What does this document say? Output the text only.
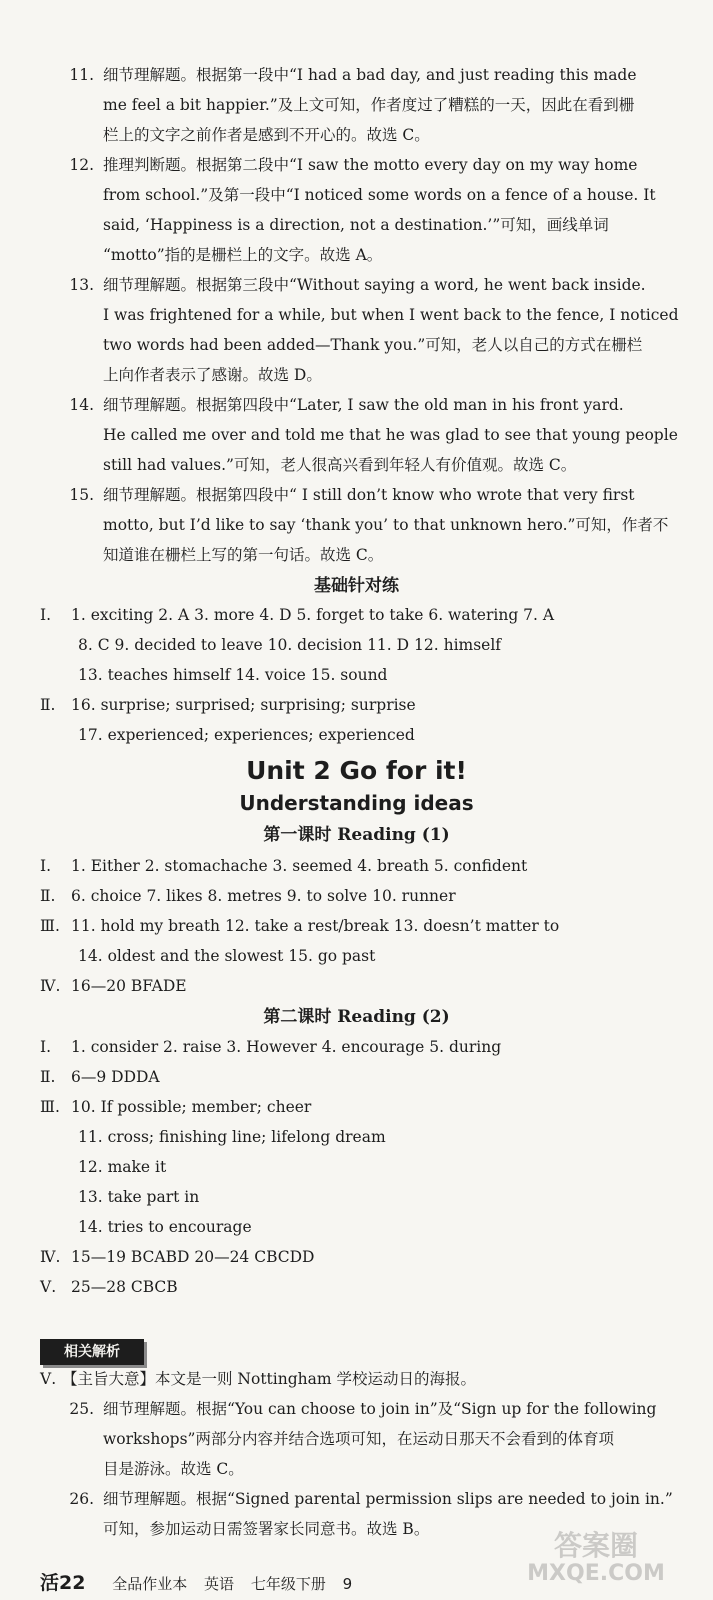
11. 细节理解题。根据第一段中“I had a bad day, and just reading this made
me feel a bit happier.”及上文可知，作者度过了糟糕的一天，因此在看到栅
栏上的文字之前作者是感到不开心的。故选 C。
12. 推理判断题。根据第二段中“I saw the motto every day on my way home
from school.”及第一段中“I noticed some words on a fence of a house. It
said, ‘Happiness is a direction, not a destination.’”可知，画线单词
“motto”指的是栅栏上的文字。故选 A。
13. 细节理解题。根据第三段中“Without saying a word, he went back inside.
I was frightened for a while, but when I went back to the fence, I noticed
two words had been added—Thank you.”可知，老人以自己的方式在栅栏
上向作者表示了感谢。故选 D。
14. 细节理解题。根据第四段中“Later, I saw the old man in his front yard.
He called me over and told me that he was glad to see that young people
still had values.”可知，老人很高兴看到年轻人有价值观。故选 C。
15. 细节理解题。根据第四段中“ I still don’t know who wrote that very first
motto, but I’d like to say ‘thank you’ to that unknown hero.”可知，作者不
知道谁在栅栏上写的第一句话。故选 C。
基础针对练
Ⅰ. 1. exciting 2. A 3. more 4. D 5. forget to take 6. watering 7. A
8. C 9. decided to leave 10. decision 11. D 12. himself
13. teaches himself 14. voice 15. sound
Ⅱ. 16. surprise; surprised; surprising; surprise
17. experienced; experiences; experienced
Unit 2 Go for it!
Understanding ideas
第一课时 Reading (1)
Ⅰ. 1. Either 2. stomachache 3. seemed 4. breath 5. confident
Ⅱ. 6. choice 7. likes 8. metres 9. to solve 10. runner
Ⅲ. 11. hold my breath 12. take a rest/break 13. doesn’t matter to
14. oldest and the slowest 15. go past
Ⅳ. 16—20 BFADE
第二课时 Reading (2)
Ⅰ. 1. consider 2. raise 3. However 4. encourage 5. during
Ⅱ. 6—9 DDDA
Ⅲ. 10. If possible; member; cheer
11. cross; finishing line; lifelong dream
12. make it
13. take part in
14. tries to encourage
Ⅳ. 15—19 BCABD 20—24 CBCDD
Ⅴ. 25—28 CBCB
相关解析
Ⅴ. 【主旨大意】本文是一则 Nottingham 学校运动日的海报。
25. 细节理解题。根据“You can choose to join in”及“Sign up for the following
workshops”两部分内容并结合选项可知，在运动日那天不会看到的体育项
目是游泳。故选 C。
26. 细节理解题。根据“Signed parental permission slips are needed to join in.”
可知，参加运动日需签署家长同意书。故选 B。
活22 全品作业本 英语 七年级下册 9
答案圈
MXQE.COM
